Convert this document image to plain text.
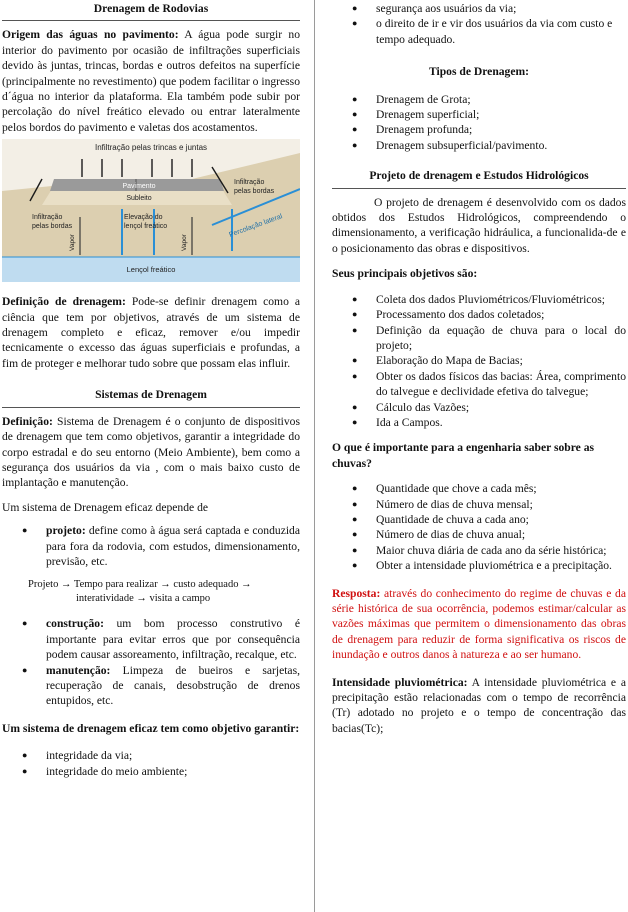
Drenagem de Rodovias

Origem das águas no pavimento: A água pode surgir no interior do pavimento por ocasião de infiltrações superficiais devido às juntas, trincas, bordas e outros defeitos na superfície (principalmente no revestimento) que podem facilitar o ingresso d´água no interior da plataforma. Ela também pode subir por percolação do nível freático elevado ou entrar lateralmente pelos bordos do pavimento e valetas dos acostamentos.

Infiltração pelas trincas e juntas
Pavimento
Subleito
Infiltração
pelas bordas
Infiltração
pelas bordas
Elevação do
lençol freático	Percolação lateral
Vapor	Vapor
Lençol freático

Definição de drenagem: Pode-se definir drenagem como a ciência que tem por objetivos, através de um sistema de drenagem completo e eficaz, remover e/ou impedir tecnicamente o excesso das águas superficiais e profundas, a fim de proteger e melhorar tudo sobre que possam elas influir.

Sistemas de Drenagem

Definição: Sistema de Drenagem é o conjunto de dispositivos de drenagem que tem como objetivos, garantir a integridade do corpo estradal e do seu entorno (Meio Ambiente), bem como a segurança dos usuários da via , com o mais baixo custo de implantação e manutenção.

Um sistema de Drenagem eficaz depende de

● projeto: define como à água será captada e conduzida para fora da rodovia, com estudos, dimensionamento, previsão, etc.
Projeto → Tempo para realizar → custo adequado →
interatividade → visita a campo
● construção: um bom processo construtivo é importante para evitar erros que por consequência podem causar assoreamento, infiltração, recalque, etc.
● manutenção: Limpeza de bueiros e sarjetas, recuperação de canais, desobstrução de drenos entupidos, etc.

Um sistema de drenagem eficaz tem como objetivo garantir:

● integridade da via;
● integridade do meio ambiente;
● segurança aos usuários da via;
● o direito de ir e vir dos usuários da via com custo e tempo adequado.
Tipos de Drenagem:
● Drenagem de Grota;
● Drenagem superficial;
● Drenagem profunda;
● Drenagem subsuperficial/pavimento.
Projeto de drenagem e Estudos Hidrológicos

O projeto de drenagem é desenvolvido com os dados obtidos dos Estudos Hidrológicos, compreendendo o dimensionamento, a verificação hidráulica, a funcionalida-de e o posicionamento das obras e dispositivos.

Seus principais objetivos são:

● Coleta dos dados Pluviométricos/Fluviométricos;
● Processamento dos dados coletados;
● Definição da equação de chuva para o local do projeto;
● Elaboração do Mapa de Bacias;
● Obter os dados físicos das bacias: Área, comprimento do talvegue e declividade efetiva do talvegue;
● Cálculo das Vazões;
● Ida a Campos.

O que é importante para a engenharia saber sobre as chuvas?

● Quantidade que chove a cada mês;
● Número de dias de chuva mensal;
● Quantidade de chuva a cada ano;
● Número de dias de chuva anual;
● Maior chuva diária de cada ano da série histórica;
● Obter a intensidade pluviométrica e a precipitação.

Resposta: através do conhecimento do regime de chuvas e da série histórica de sua ocorrência, podemos estimar/calcular as vazões máximas que permitem o dimensionamento das obras de drenagem para reduzir de forma significativa os riscos de inundação e outros danos à natureza e ao ser humano.

Intensidade pluviométrica: A intensidade pluviométrica e a precipitação estão relacionadas com o tempo de recorrência (Tr) adotado no projeto e o tempo de concentração das bacias(Tc);
